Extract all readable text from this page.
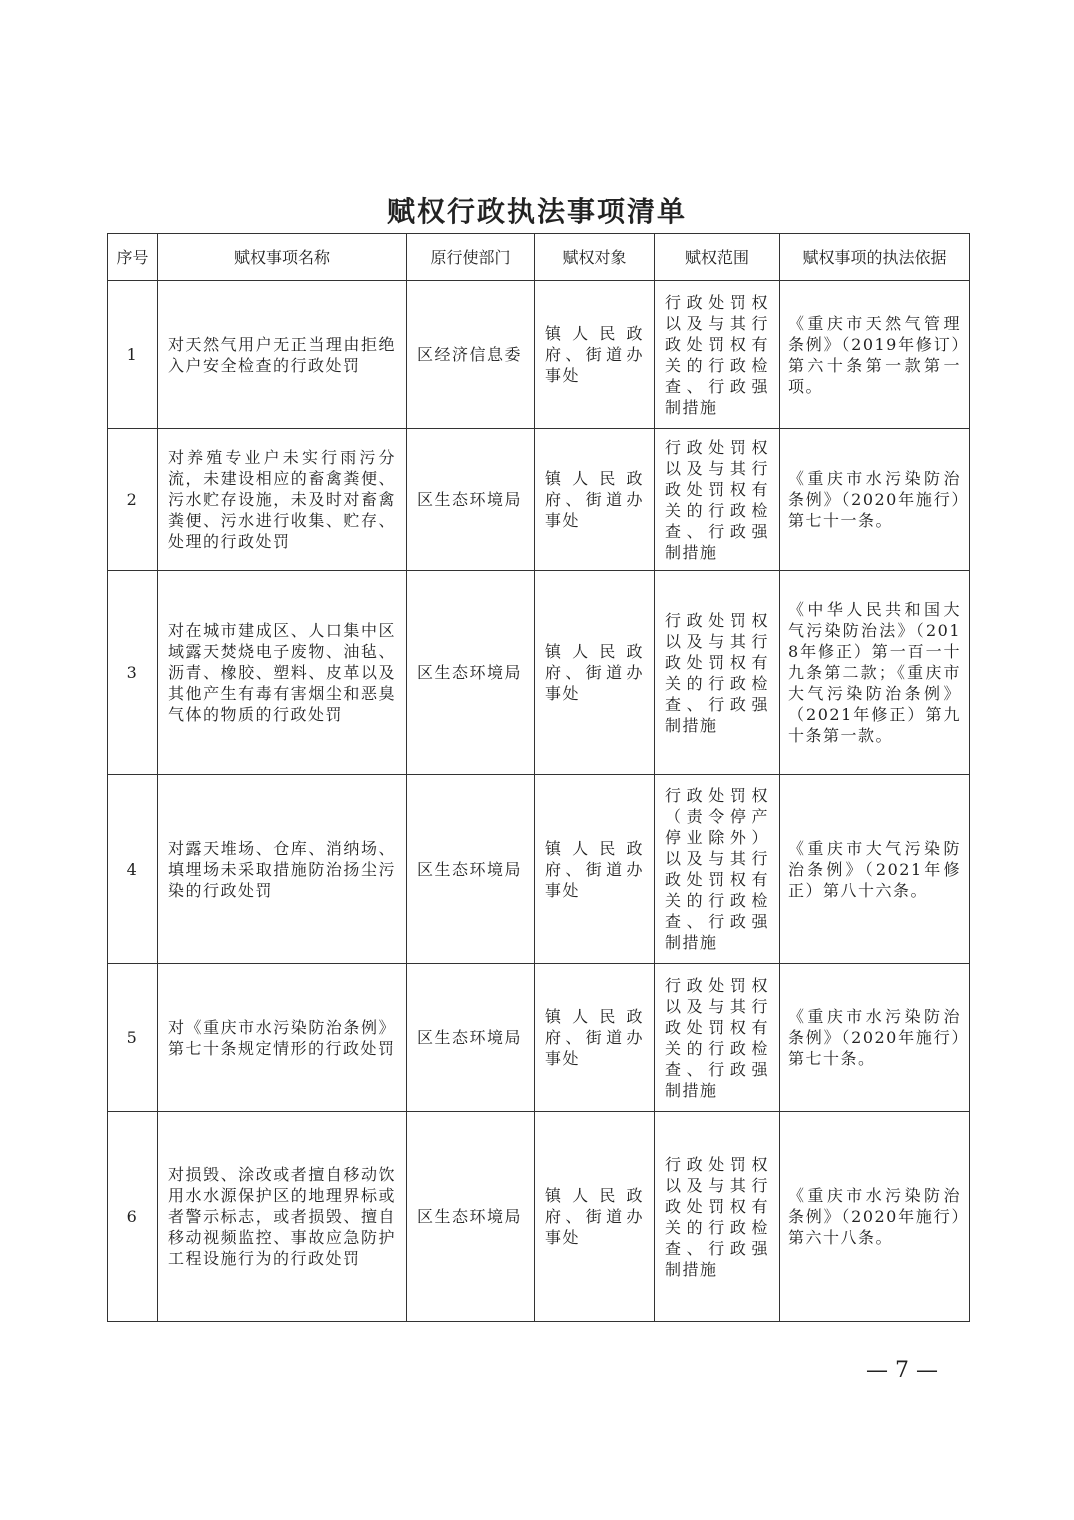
赋权行政执法事项清单
序号	赋权事项名称	原行使部门	赋权对象	赋权范围	赋权事项的执法依据
1	对天然气用户无正当理由拒绝入户安全检查的行政处罚	区经济信息委	镇人民政府、街道办事处	行政处罚权以及与其行政处罚权有关的行政检查、行政强制措施	《重庆市天然气管理条例》（2019年修订）第六十条第一款第一项。
2	对养殖专业户未实行雨污分流，未建设相应的畜禽粪便、污水贮存设施，未及时对畜禽粪便、污水进行收集、贮存、处理的行政处罚	区生态环境局	镇人民政府、街道办事处	行政处罚权以及与其行政处罚权有关的行政检查、行政强制措施	《重庆市水污染防治条例》（2020年施行）第七十一条。
3	对在城市建成区、人口集中区域露天焚烧电子废物、油毡、沥青、橡胶、塑料、皮革以及其他产生有毒有害烟尘和恶臭气体的物质的行政处罚	区生态环境局	镇人民政府、街道办事处	行政处罚权以及与其行政处罚权有关的行政检查、行政强制措施	《中华人民共和国大气污染防治法》（2018年修正）第一百一十九条第二款；《重庆市大气污染防治条例》（2021年修正）第九十条第一款。
4	对露天堆场、仓库、消纳场、填埋场未采取措施防治扬尘污染的行政处罚	区生态环境局	镇人民政府、街道办事处	行政处罚权（责令停产停业除外）以及与其行政处罚权有关的行政检查、行政强制措施	《重庆市大气污染防治条例》（2021年修正）第八十六条。
5	对《重庆市水污染防治条例》第七十条规定情形的行政处罚	区生态环境局	镇人民政府、街道办事处	行政处罚权以及与其行政处罚权有关的行政检查、行政强制措施	《重庆市水污染防治条例》（2020年施行）第七十条。
6	对损毁、涂改或者擅自移动饮用水水源保护区的地理界标或者警示标志，或者损毁、擅自移动视频监控、事故应急防护工程设施行为的行政处罚	区生态环境局	镇人民政府、街道办事处	行政处罚权以及与其行政处罚权有关的行政检查、行政强制措施	《重庆市水污染防治条例》（2020年施行）第六十八条。
— 7 —
